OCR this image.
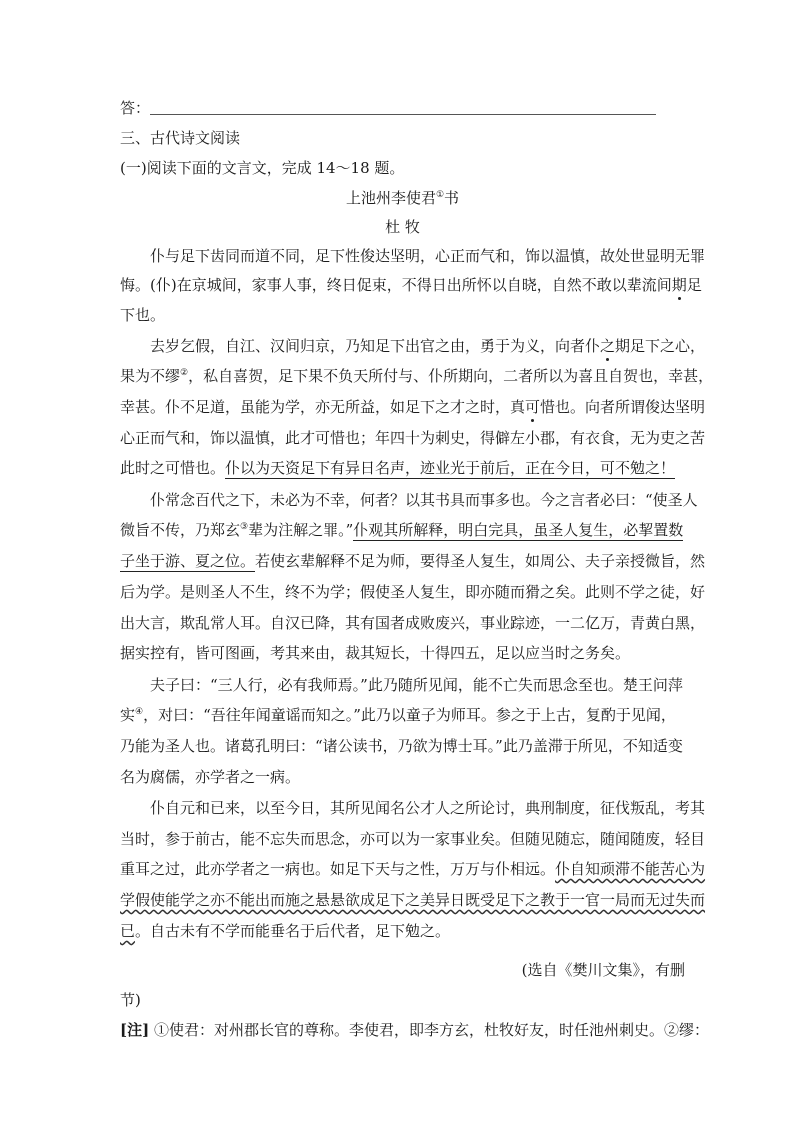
答：
三、古代诗文阅读
(一)阅读下面的文言文，完成 14～18 题。
上池州李使君①书
杜 牧
仆与足下齿同而道不同，足下性俊达坚明，心正而气和，饰以温慎，故处世显明无罪
悔。(仆)在京城间，家事人事，终日促束，不得日出所怀以自晓，自然不敢以辈流间期足
下也。
去岁乞假，自江、汉间归京，乃知足下出官之由，勇于为义，向者仆之期足下之心，
果为不缪②，私自喜贺，足下果不负天所付与、仆所期向，二者所以为喜且自贺也，幸甚，
幸甚。仆不足道，虽能为学，亦无所益，如足下之才之时，真可惜也。向者所谓俊达坚明
心正而气和，饰以温慎，此才可惜也；年四十为刺史，得僻左小郡，有衣食，无为吏之苦
此时之可惜也。仆以为天资足下有异日名声，迹业光于前后，正在今日，可不勉之！
仆常念百代之下，未必为不幸，何者？以其书具而事多也。今之言者必曰：“使圣人
微旨不传，乃郑玄③辈为注解之罪。”仆观其所解释，明白完具，虽圣人复生，必挈置数
子坐于游、夏之位。若使玄辈解释不足为师，要得圣人复生，如周公、夫子亲授微旨，然
后为学。是则圣人不生，终不为学；假使圣人复生，即亦随而猾之矣。此则不学之徒，好
出大言，欺乱常人耳。自汉已降，其有国者成败废兴，事业踪迹，一二亿万，青黄白黑，
据实控有，皆可图画，考其来由，裁其短长，十得四五，足以应当时之务矣。
夫子曰：“三人行，必有我师焉。”此乃随所见闻，能不亡失而思念至也。楚王问萍
实④，对曰：“吾往年闻童谣而知之。”此乃以童子为师耳。参之于上古，复酌于见闻，
乃能为圣人也。诸葛孔明曰：“诸公读书，乃欲为博士耳。”此乃盖滞于所见，不知适变
名为腐儒，亦学者之一病。
仆自元和已来，以至今日，其所见闻名公才人之所论讨，典刑制度，征伐叛乱，考其
当时，参于前古，能不忘失而思念，亦可以为一家事业矣。但随见随忘，随闻随废，轻目
重耳之过，此亦学者之一病也。如足下天与之性，万万与仆相远。仆自知顽滞不能苦心为
学假使能学之亦不能出而施之悬悬欲成足下之美异日既受足下之教于一官一局而无过失而
已。自古未有不学而能垂名于后代者，足下勉之。
(选自《樊川文集》，有删
节)
[注] ①使君：对州郡长官的尊称。李使君，即李方玄，杜牧好友，时任池州刺史。②缪：
